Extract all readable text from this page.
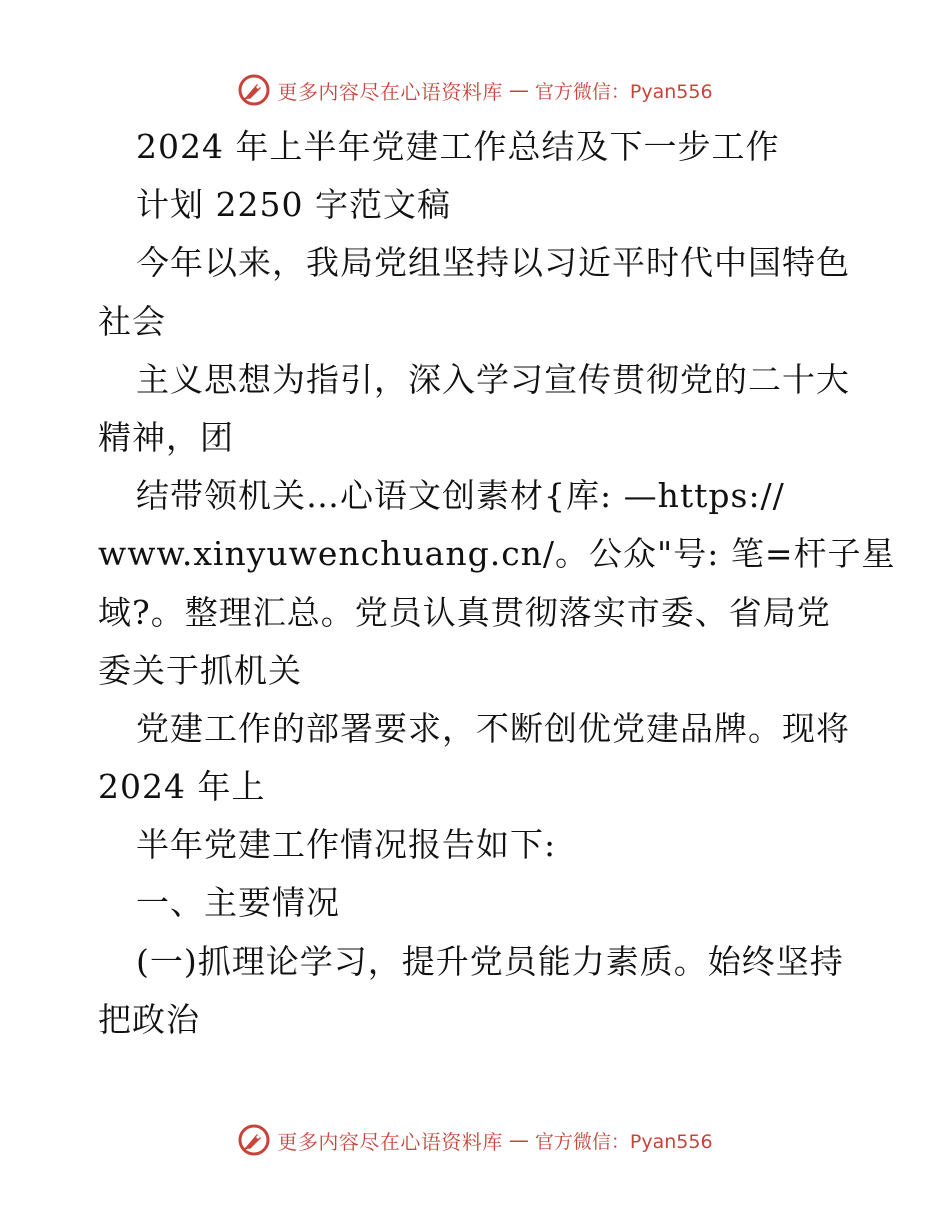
更多内容尽在心语资料库 — 官方微信：Pyan556
2024 年上半年党建工作总结及下一步工作
计划 2250 字范文稿
今年以来，我局党组坚持以习近平时代中国特色
社会
主义思想为指引，深入学习宣传贯彻党的二十大
精神，团
结带领机关…心语文创素材{库: —https://
www.xinyuwenchuang.cn/。公众"号: 笔=杆子星
域?。整理汇总。党员认真贯彻落实市委、省局党
委关于抓机关
党建工作的部署要求，不断创优党建品牌。现将
2024 年上
半年党建工作情况报告如下:
一、主要情况
(一)抓理论学习，提升党员能力素质。始终坚持
把政治
更多内容尽在心语资料库 — 官方微信：Pyan556
